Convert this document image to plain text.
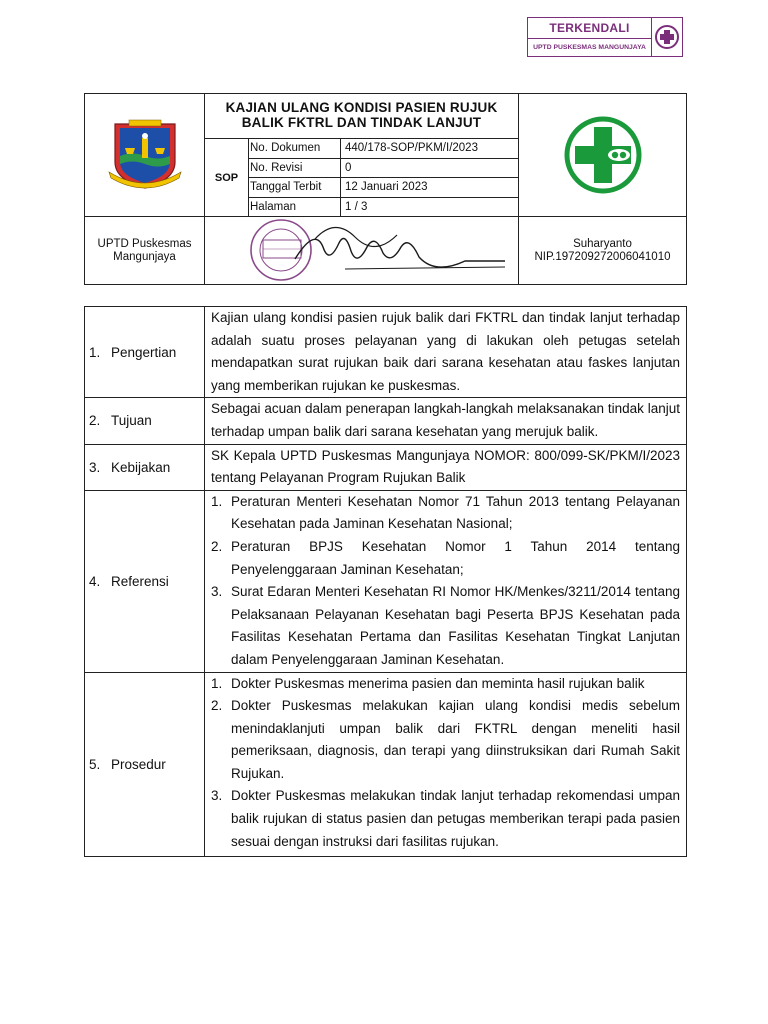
TERKENDALI
UPTD PUSKESMAS MANGUNJAYA
KAJIAN ULANG KONDISI PASIEN RUJUK BALIK FKTRL DAN TINDAK LANJUT
SOP
No. Dokumen	440/178-SOP/PKM/I/2023
No. Revisi	0
Tanggal Terbit	12 Januari 2023
Halaman	1 / 3
UPTD Puskesmas
Mangunjaya
Suharyanto
NIP.197209272006041010
1. Pengertian
Kajian ulang kondisi pasien rujuk balik dari FKTRL dan tindak lanjut terhadap adalah suatu proses pelayanan yang di lakukan oleh petugas setelah mendapatkan surat rujukan baik dari sarana kesehatan atau faskes lanjutan yang memberikan rujukan ke puskesmas.
2. Tujuan
Sebagai acuan dalam penerapan langkah-langkah melaksanakan tindak lanjut terhadap umpan balik dari sarana kesehatan yang merujuk balik.
3. Kebijakan
SK Kepala UPTD Puskesmas Mangunjaya NOMOR: 800/099-SK/PKM/I/2023 tentang Pelayanan Program Rujukan Balik
4. Referensi
1. Peraturan Menteri Kesehatan Nomor 71 Tahun 2013 tentang Pelayanan Kesehatan pada Jaminan Kesehatan Nasional;
2. Peraturan BPJS Kesehatan Nomor 1 Tahun 2014 tentang Penyelenggaraan Jaminan Kesehatan;
3. Surat Edaran Menteri Kesehatan RI Nomor HK/Menkes/3211/2014 tentang Pelaksanaan Pelayanan Kesehatan bagi Peserta BPJS Kesehatan pada Fasilitas Kesehatan Pertama dan Fasilitas Kesehatan Tingkat Lanjutan dalam Penyelenggaraan Jaminan Kesehatan.
5. Prosedur
1. Dokter Puskesmas menerima pasien dan meminta hasil rujukan balik
2. Dokter Puskesmas melakukan kajian ulang kondisi medis sebelum menindaklanjuti umpan balik dari FKTRL dengan meneliti hasil pemeriksaan, diagnosis, dan terapi yang diinstruksikan dari Rumah Sakit Rujukan.
3. Dokter Puskesmas melakukan tindak lanjut terhadap rekomendasi umpan balik rujukan di status pasien dan petugas memberikan terapi pada pasien sesuai dengan instruksi dari fasilitas rujukan.
